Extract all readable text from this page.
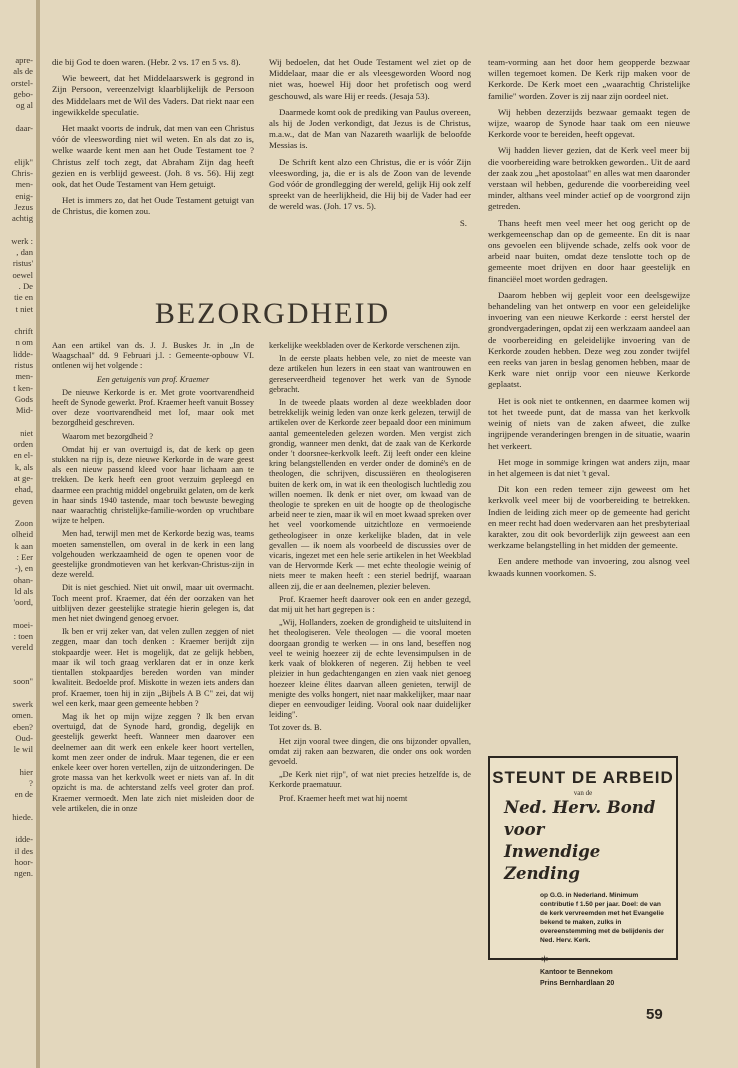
apre-
als de
orstel-
gebo-
og al

daar-

elijk"
Chris-
men-
enig-
Jezus
achtig

werk :
, dan
ristus'
oewel
. De
tie en
t niet

chrift
n om
lidde-
ristus
men-
t ken-
Gods
Mid-

niet
orden
en el-
k, als
at ge-
ehad,
geven

Zoon
olheid
k aan
: Eer
-), en
ohan-
ld als
'oord,

moei-
: toen
vereld

soon"

swerk
omen.
eben?
Oud-
le wil

hier
?
en de

hiede.

idde-
il des
hoor-
ngen.

die bij God te doen waren. (Hebr. 2 vs. 17 en 5 vs. 8).

Wie beweert, dat het Middelaarswerk is gegrond in Zijn Persoon, vereenzelvigt klaarblijkelijk de Persoon des Middelaars met de Wil des Vaders. Dat riekt naar een ingewikkelde speculatie.

Het maakt voorts de indruk, dat men van een Christus vóór de vleeswording niet wil weten. En als dat zo is, welke waarde kent men aan het Oude Testament toe ? Christus zelf toch zegt, dat Abraham Zijn dag heeft gezien en is verblijd geweest. (Joh. 8 vs. 56). Hij zegt ook, dat het Oude Testament van Hem getuigt.

Het is immers zo, dat het Oude Testament getuigt van de Christus, die komen zou.

Wij bedoelen, dat het Oude Testament wel ziet op de Middelaar, maar die er als vleesgeworden Woord nog niet was, hoewel Hij door het profetisch oog werd geschouwd, als ware Hij er reeds. (Jesaja 53).

Daarmede komt ook de prediking van Paulus overeen, als hij de Joden verkondigt, dat Jezus is de Christus, m.a.w., dat de Man van Nazareth waarlijk de beloofde Messias is.

De Schrift kent alzo een Christus, die er is vóór Zijn vleeswording, ja, die er is als de Zoon van de levende God vóór de grondlegging der wereld, gelijk Hij ook zelf spreekt van de heerlijkheid, die Hij bij de Vader had eer de wereld was. (Joh. 17 vs. 5).

S.
BEZORGDHEID

Aan een artikel van ds. J. J. Buskes Jr. in „In de Waagschaal" dd. 9 Februari j.l. : Gemeente-opbouw VI. ontlenen wij het volgende :

Een getuigenis van prof. Kraemer

De nieuwe Kerkorde is er. Met grote voortvarendheid heeft de Synode gewerkt. Prof. Kraemer heeft vanuit Bossey over deze voortvarendheid met lof, maar ook met bezorgdheid geschreven.

Waarom met bezorgdheid ?

Omdat hij er van overtuigd is, dat de kerk op geen stukken na rijp is, deze nieuwe Kerkorde in de ware geest als een nieuw passend kleed voor haar lichaam aan te trekken. De kerk heeft een groot verzuim gepleegd en daarmee een prachtig middel ongebruikt gelaten, om de kerk in haar sinds 1940 tastende, maar toch bewuste beweging naar waarachtig christelijke-familie-worden op vruchtbare wijze te helpen.

Men had, terwijl men met de Kerkorde bezig was, teams moeten samenstellen, om overal in de kerk in een lang volgehouden werkzaamheid de ogen te openen voor de geestelijke grondmotieven van het kerkvan-Christus-zijn in deze wereld.

Dit is niet geschied. Niet uit onwil, maar uit overmacht. Toch meent prof. Kraemer, dat één der oorzaken van het uitblijven dezer geestelijke strategie hierin gelegen is, dat men het niet dwingend genoeg ervoer.

Ik ben er vrij zeker van, dat velen zullen zeggen of niet zeggen, maar dan toch denken : Kraemer berijdt zijn stokpaardje weer. Het is mogelijk, dat ze gelijk hebben, maar ik wil toch graag verklaren dat er in onze kerk tientallen stokpaardjes bereden worden van minder kwaliteit. Bedoelde prof. Miskotte in wezen iets anders dan prof. Kraemer, toen hij in zijn „Bijbels A B C" zei, dat wij wel een kerk, maar geen gemeente hebben ?

Mag ik het op mijn wijze zeggen ? Ik ben ervan overtuigd, dat de Synode hard, grondig, degelijk en geestelijk gewerkt heeft. Wanneer men daarover een deelnemer aan dit werk een enkele keer hoort vertellen, komt men zeer onder de indruk. Maar tegenen, die er een enkele keer over horen vertellen, zijn de uitzonderingen. De grote massa van het kerkvolk weet er niets van af. In dit opzicht is ma. de achterstand zelfs veel groter dan prof. Kraemer vermoedt. Men late zich niet misleiden door de vele artikelen, die in onze

kerkelijke weekbladen over de Kerkorde verschenen zijn.

In de eerste plaats hebben vele, zo niet de meeste van deze artikelen hun lezers in een staat van wantrouwen en gereserveerdheid tegenover het werk van de Synode gebracht.

In de tweede plaats worden al deze weekbladen door betrekkelijk weinig leden van onze kerk gelezen, terwijl de artikelen over de Kerkorde zeer bepaald door een minimum aantal gemeenteleden gelezen worden. Men vergist zich grondig, wanneer men denkt, dat de zaak van de Kerkorde onder 't doorsnee-kerkvolk leeft. Zij leeft onder een kleine kring belangstellenden en verder onder de dominé's en de theologen, die schrijven, discussiëren en theologiseren buiten de kerk om, in wat ik een theologisch luchtledig zou willen noemen. Ik denk er niet over, om kwaad van de theologie te spreken en uit de hoogte op de theologische arbeid neer te zien, maar ik wil en moet kwaad spreken over het veel voorkomende uitzichtloze en vermoeiende getheologiseer in onze kerkelijke bladen, dat in vele gevallen — ik noem als voorbeeld de discussies over de vicaris, ingezet met een hele serie artikelen in het Weekblad van de Hervormde Kerk — met echte theologie weinig of niets meer te maken heeft : een steriel bedrijf, waaraan alleen zij, die er aan deelnemen, plezier beleven.

Prof. Kraemer heeft daarover ook een en ander gezegd, dat mij uit het hart gegrepen is :

„Wij, Hollanders, zoeken de grondigheid te uitsluitend in het theologiseren. Vele theologen — die vooral moeten doorgaan grondig te werken — in ons land, beseffen nog veel te weinig hoezeer zij de echte levensimpulsen in de kerk vaak of blokkeren of negeren. Zij hebben te veel pleizier in hun gedachtengangen en zien vaak niet genoeg hoezeer kleine élites daarvan alleen genieten, terwijl de menigte des volks hongert, niet naar makkelijker, maar naar dieper en eenvoudiger leiding. Vooral ook naar duidelijker leiding".

Tot zover ds. B.

Het zijn vooral twee dingen, die ons bijzonder opvallen, omdat zij raken aan bezwaren, die onder ons ook worden gevoeld.

„De Kerk niet rijp", of wat niet precies hetzelfde is, de Kerkorde praematuur.

Prof. Kraemer heeft met wat hij noemt

team-vorming aan het door hem geopperde bezwaar willen tegemoet komen. De Kerk rijp maken voor de Kerkorde. De Kerk moet een „waarachtig Christelijke familie" worden. Zover is zij naar zijn oordeel niet.

Wij hebben dezerzijds bezwaar gemaakt tegen de wijze, waarop de Synode haar taak om een nieuwe Kerkorde voor te bereiden, heeft opgevat.

Wij hadden liever gezien, dat de Kerk veel meer bij die voorbereiding ware betrokken geworden.. Uit de aard der zaak zou „het apostolaat" en alles wat men daaronder verstaan wil hebben, gedurende die voorbereiding veel minder, althans veel minder actief op de voorgrond zijn getreden.

Thans heeft men veel meer het oog gericht op de werkgemeenschap dan op de gemeente. En dit is naar ons gevoelen een blijvende schade, zelfs ook voor de arbeid naar buiten, omdat deze tenslotte toch op de gemeente moet drijven en door haar geestelijk en financiëel moet worden gedragen.

Daarom hebben wij gepleit voor een deelsgewijze behandeling van het ontwerp en voor een geleidelijke invoering van een nieuwe Kerkorde : eerst herstel der grondvergaderingen, opdat zij een werkzaam aandeel aan de voorbereiding en geleidelijke invoering van de Kerkorde zouden hebben. Deze weg zou zonder twijfel een reeks van jaren in beslag genomen hebben, maar de Kerk ware niet onrijp voor een nieuwe Kerkorde geplaatst.

Het is ook niet te ontkennen, en daarmee komen wij tot het tweede punt, dat de massa van het kerkvolk weinig of niets van de zaken afweet, die zulke ingrijpende veranderingen brengen in de situatie, waarin het verkeert.

Het moge in sommige kringen wat anders zijn, maar in het algemeen is dat niet 't geval.

Dit kon een reden temeer zijn geweest om het kerkvolk veel meer bij de voorbereiding te betrekken. Indien de leiding zich meer op de gemeente had gericht en meer recht had doen wedervaren aan het presbyteriaal karakter, zou dit ook bevorderlijk zijn geweest aan een werkzame belangstelling in het midden der gemeente.

Een andere methode van invoering, zou alsnog veel kwaads kunnen voorkomen. S.

STEUNT DE ARBEID
van de
Ned. Herv. Bond voor
Inwendige Zending
op G.G. in Nederland. Minimum contributie f 1.50 per jaar. Doel: de van de kerk vervreemden met het Evangelie bekend te maken, zulks in overeenstemming met de belijdenis der Ned. Herv. Kerk.
✶
Kantoor te Bennekom
Prins Bernhardlaan 20
59
